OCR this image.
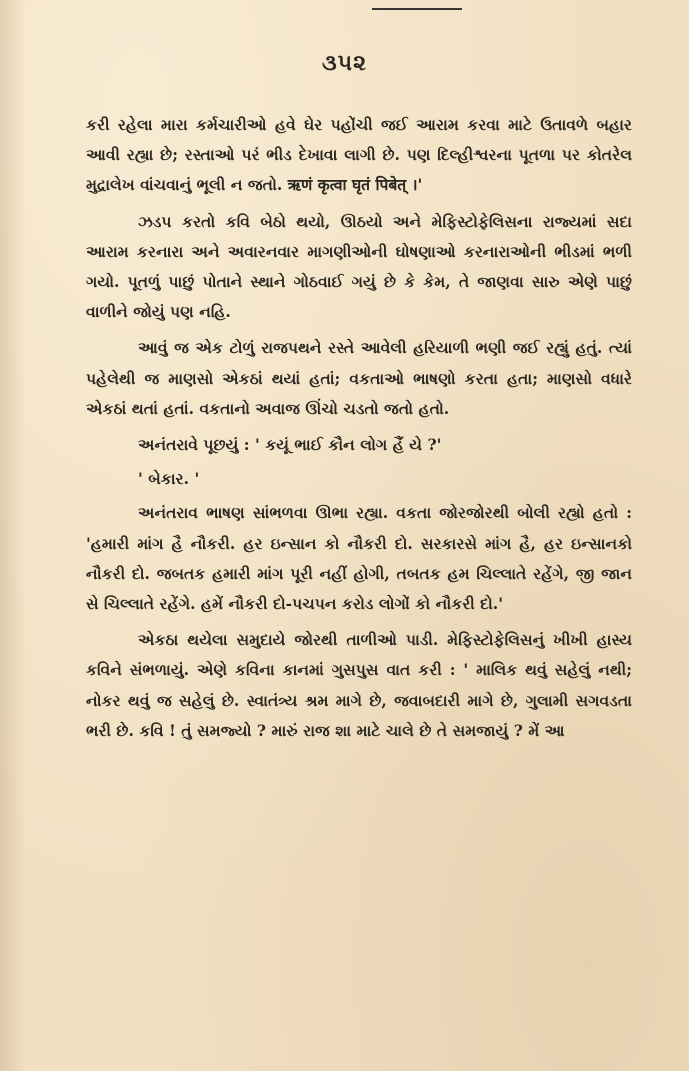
૩૫૨

કરી રહેલા મારા કર્મચારીઓ હવે ઘેર પહોંચી જઈ આરામ કરવા માટે ઉતાવળે બહાર આવી રહ્યા છે; રસ્તાઓ પરં ભીડ દેખાવા લાગી છે. પણ દિલ્હીશ્વરના પૂતળા પર કોતરેલ મુદ્રાલેખ વાંચવાનું ભૂલી ન જતો. ऋणं कृत्वा घृतं पिबेत् ।'

ઝડપ કરતો કવિ બેઠો થયો, ઊઠયો અને મેફિસ્ટોફેલિસના રાજ્યમાં સદા આરામ કરનારા અને અવારનવાર માગણીઓની ઘોષણાઓ કરનારાઓની ભીડમાં ભળી ગયો. પૂતળું પાછું પોતાને સ્થાને ગોઠવાઈ ગયું છે કે કેમ, તે જાણવા સારુ એણે પાછું વાળીને જોયું પણ નહિ.

આવું જ એક ટોળું રાજપથને રસ્તે આવેલી હરિયાળી ભણી જઈ રહ્યું હતું. ત્યાં પહેલેથી જ માણસો એકઠાં થયાં હતાં; વકતાઓ ભાષણો કરતા હતા; માણસો વધારે એકઠાં થતાં હતાં. વકતાનો અવાજ ઊંચો ચડતો જતો હતો.

અનંતરાવે પૂછયું : ' કયૂં ભાઈ કૌન લોગ હૈં યે ?'

' બેકાર. '

અનંતરાવ ભાષણ સાંભળવા ઊભા રહ્યા. વકતા જોરજોરથી બોલી રહ્યો હતો : 'હમારી માંગ હૈ નૌકરી. હર ઇન્સાન કો નૌકરી દો. સરકારસે માંગ હૈ, હર ઇન્સાનકો નૌકરી દો. જબતક હમારી માંગ પૂરી નહીં હોગી, તબતક હમ ચિલ્લાતે રહેંગે, જી જાન સે ચિલ્લાતે રહેંગે. હમેં નૌકરી દો-પચપન કરોડ લોગોં કો નૌકરી દો.'

એકઠા થયેલા સમુદાયે જોરથી તાળીઓ પાડી. મેફિસ્ટોફેલિસનું ખીખી હાસ્ય કવિને સંભળાયું. એણે કવિના કાનમાં ગુસપુસ વાત કરી : ' માલિક થવું સહેલું નથી; નોકર થવું જ સહેલું છે. સ્વાતંત્ર્ય શ્રમ માગે છે, જવાબદારી માગે છે, ગુલામી સગવડતા ભરી છે. કવિ ! તું સમજ્યો ? મારું રાજ શા માટે ચાલે છે તે સમજાયું ? મેં આ
